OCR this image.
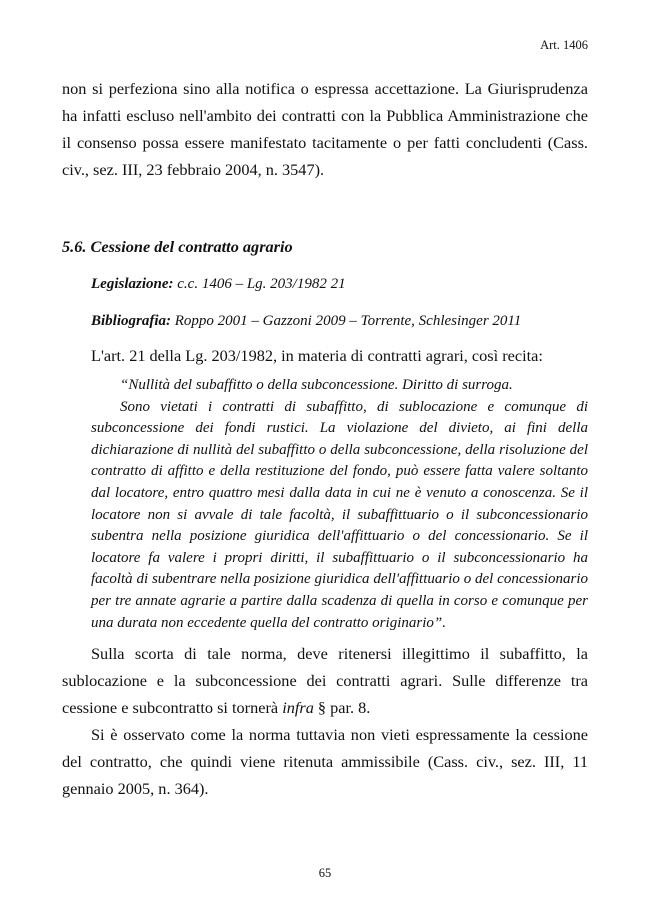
Art. 1406

non si perfeziona sino alla notifica o espressa accettazione. La Giurisprudenza ha infatti escluso nell'ambito dei contratti con la Pubblica Amministrazione che il consenso possa essere manifestato tacitamente o per fatti concludenti (Cass. civ., sez. III, 23 febbraio 2004, n. 3547).

5.6. Cessione del contratto agrario

Legislazione: c.c. 1406 – Lg. 203/1982 21

Bibliografia: Roppo 2001 – Gazzoni 2009 – Torrente, Schlesinger 2011

L'art. 21 della Lg. 203/1982, in materia di contratti agrari, così recita:

“Nullità del subaffitto o della subconcessione. Diritto di surroga.

Sono vietati i contratti di subaffitto, di sublocazione e comunque di subconcessione dei fondi rustici. La violazione del divieto, ai fini della dichiarazione di nullità del subaffitto o della subconcessione, della risoluzione del contratto di affitto e della restituzione del fondo, può essere fatta valere soltanto dal locatore, entro quattro mesi dalla data in cui ne è venuto a conoscenza. Se il locatore non si avvale di tale facoltà, il subaffittuario o il subconcessionario subentra nella posizione giuridica dell'affittuario o del concessionario. Se il locatore fa valere i propri diritti, il subaffittuario o il subconcessionario ha facoltà di subentrare nella posizione giuridica dell'affittuario o del concessionario per tre annate agrarie a partire dalla scadenza di quella in corso e comunque per una durata non eccedente quella del contratto originario”.

Sulla scorta di tale norma, deve ritenersi illegittimo il subaffitto, la sublocazione e la subconcessione dei contratti agrari. Sulle differenze tra cessione e subcontratto si tornerà infra § par. 8.

Si è osservato come la norma tuttavia non vieti espressamente la cessione del contratto, che quindi viene ritenuta ammissibile (Cass. civ., sez. III, 11 gennaio 2005, n. 364).

65
